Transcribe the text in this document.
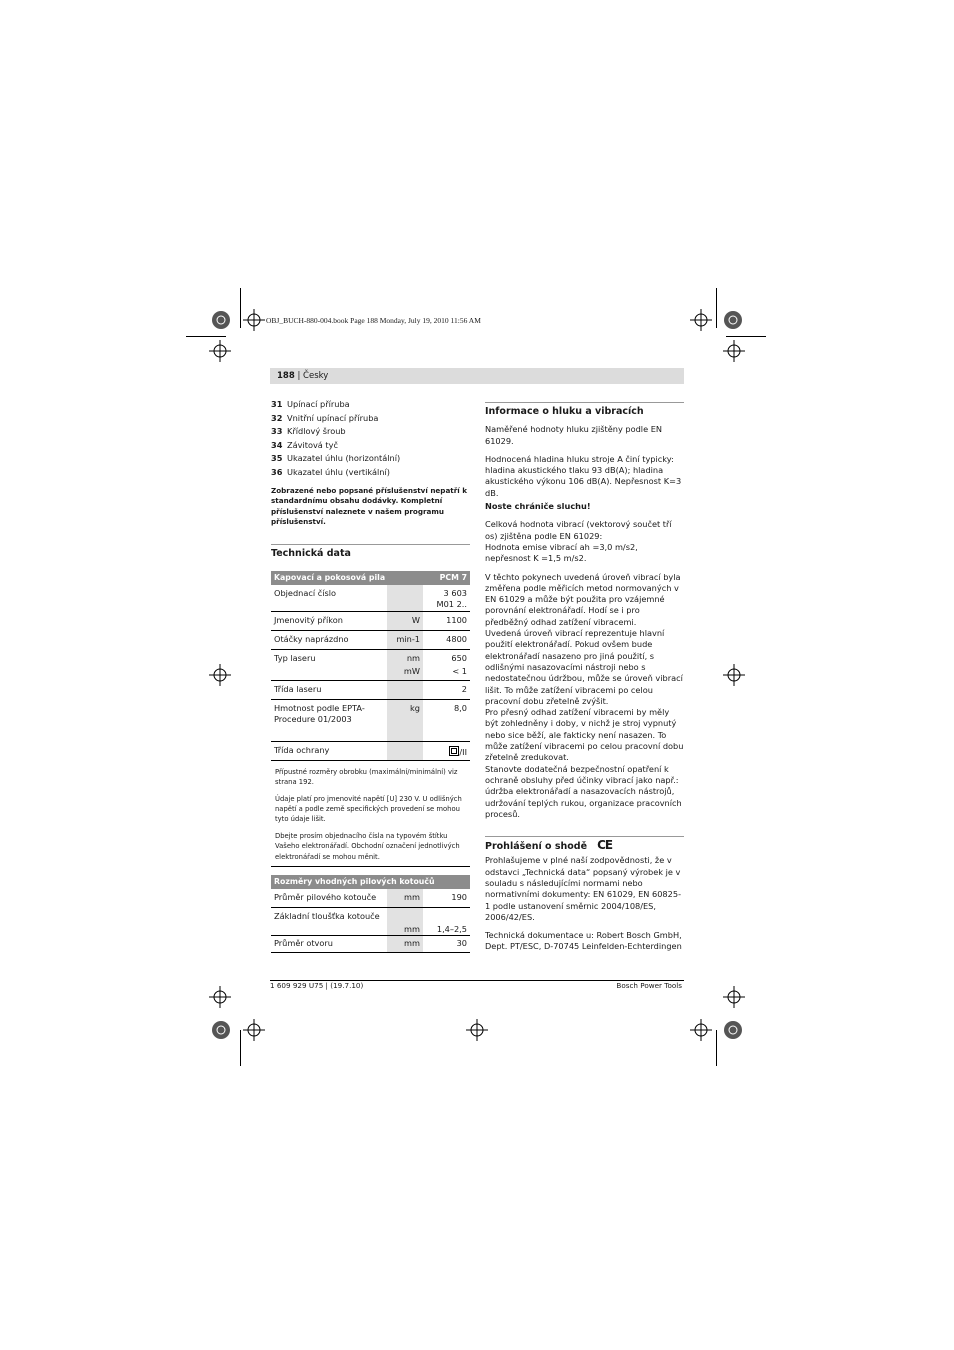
OBJ_BUCH-880-004.book Page 188 Monday, July 19, 2010 11:56 AM
188 | Česky
31 Upínací příruba
32 Vnitřní upínací příruba
33 Křídlový šroub
34 Závitová tyč
35 Ukazatel úhlu (horizontální)
36 Ukazatel úhlu (vertikální)
Zobrazené nebo popsané příslušenství nepatří k standardnímu obsahu dodávky. Kompletní příslušenství naleznete v našem programu příslušenství.
Technická data
Kapovací a pokosová pila		PCM 7
Objednací číslo		3 603 M01 2..
Jmenovitý příkon	W	1100
Otáčky naprázdno	min-1	4800
Typ laseru	nm	650
	mW	< 1
Třída laseru		2
Hmotnost podle EPTA-Procedure 01/2003	kg	8,0
Třída ochrany		/II
Přípustné rozměry obrobku (maximální/minimální) viz strana 192.
Údaje platí pro jmenovité napětí [U] 230 V. U odlišných napětí a podle země specifických provedení se mohou tyto údaje lišit.
Dbejte prosím objednacího čísla na typovém štítku Vašeho elektronářadí. Obchodní označení jednotlivých elektronářadí se mohou měnit.
Rozměry vhodných pilových kotoučů		
Průměr pilového kotouče	mm	190
Základní tloušťka kotouče	mm	1,4–2,5
Průměr otvoru	mm	30
Informace o hluku a vibracích

Naměřené hodnoty hluku zjištěny podle EN 61029.

Hodnocená hladina hluku stroje A činí typicky: hladina akustického tlaku 93 dB(A); hladina akustického výkonu 106 dB(A). Nepřesnost K=3 dB.

Noste chrániče sluchu!

Celková hodnota vibrací (vektorový součet tří os) zjištěna podle EN 61029:

Hodnota emise vibrací ah =3,0 m/s2, nepřesnost K =1,5 m/s2.

V těchto pokynech uvedená úroveň vibrací byla změřena podle měřicích metod normovaných v EN 61029 a může být použita pro vzájemné porovnání elektronářadí. Hodí se i pro předběžný odhad zatížení vibracemi.

Uvedená úroveň vibrací reprezentuje hlavní použití elektronářadí. Pokud ovšem bude elektronářadí nasazeno pro jiná použití, s odlišnými nasazovacími nástroji nebo s nedostatečnou údržbou, může se úroveň vibrací lišit. To může zatížení vibracemi po celou pracovní dobu zřetelně zvýšit.

Pro přesný odhad zatížení vibracemi by měly být zohledněny i doby, v nichž je stroj vypnutý nebo sice běží, ale fakticky není nasazen. To může zatížení vibracemi po celou pracovní dobu zřetelně zredukovat.

Stanovte dodatečná bezpečnostní opatření k ochraně obsluhy před účinky vibrací jako např.: údržba elektronářadí a nasazovacích nástrojů, udržování teplých rukou, organizace pracovních procesů.

Prohlášení o shodě CE

Prohlašujeme v plné naší zodpovědnosti, že v odstavci „Technická data“ popsaný výrobek je v souladu s následujícími normami nebo normativními dokumenty: EN 61029, EN 60825-1 podle ustanovení směrnic 2004/108/ES, 2006/42/ES.

Technická dokumentace u: Robert Bosch GmbH, Dept. PT/ESC, D-70745 Leinfelden-Echterdingen

1 609 929 U75 | (19.7.10)	Bosch Power Tools
